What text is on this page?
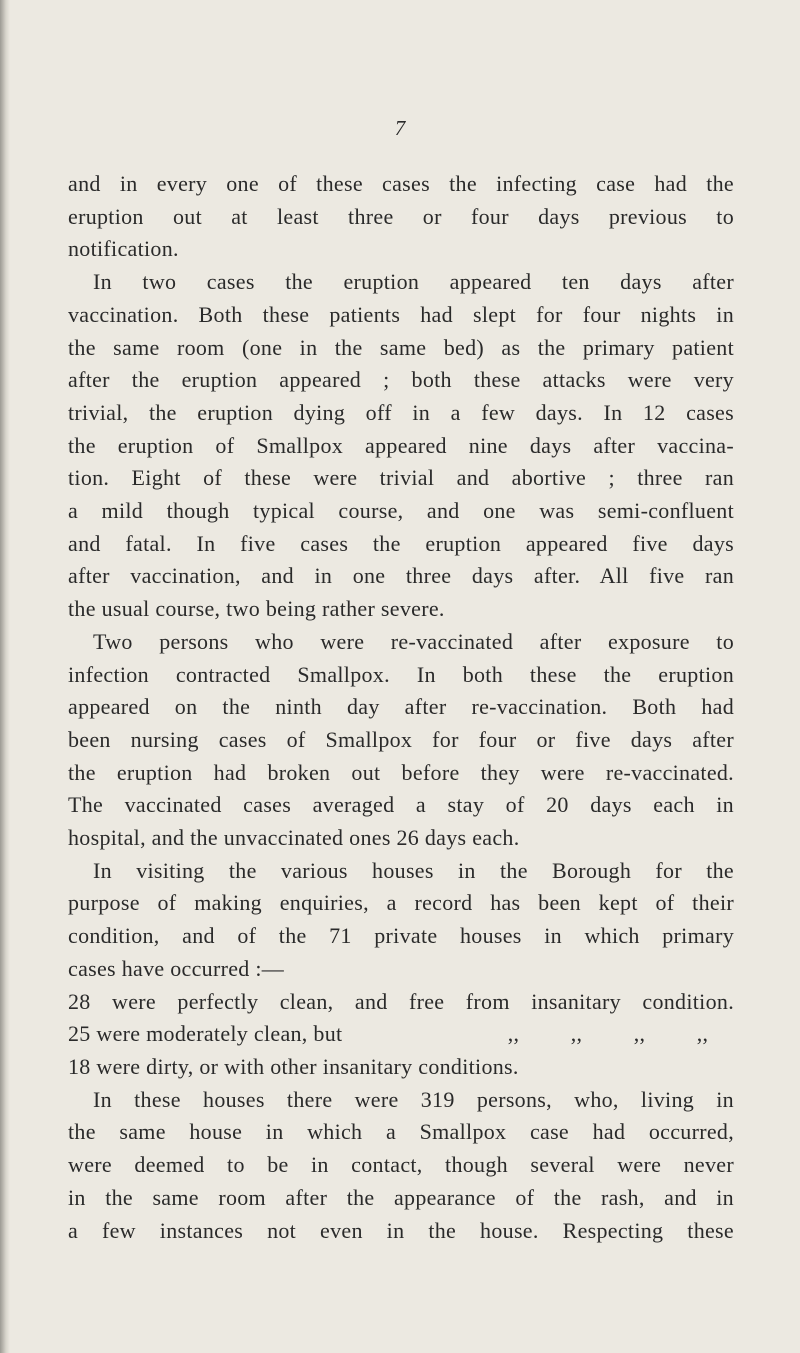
7
and in every one of these cases the infecting case had the
eruption out at least three or four days previous to
notification.
In two cases the eruption appeared ten days after
vaccination. Both these patients had slept for four nights in
the same room (one in the same bed) as the primary patient
after the eruption appeared ; both these attacks were very
trivial, the eruption dying off in a few days. In 12 cases
the eruption of Smallpox appeared nine days after vaccina-
tion. Eight of these were trivial and abortive ; three ran
a mild though typical course, and one was semi-confluent
and fatal. In five cases the eruption appeared five days
after vaccination, and in one three days after. All five ran
the usual course, two being rather severe.
Two persons who were re-vaccinated after exposure to
infection contracted Smallpox. In both these the eruption
appeared on the ninth day after re-vaccination. Both had
been nursing cases of Smallpox for four or five days after
the eruption had broken out before they were re-vaccinated.
The vaccinated cases averaged a stay of 20 days each in
hospital, and the unvaccinated ones 26 days each.
In visiting the various houses in the Borough for the
purpose of making enquiries, a record has been kept of their
condition, and of the 71 private houses in which primary
cases have occurred :—
28 were perfectly clean, and free from insanitary condition.
25 were moderately clean, but	,,	,,	,,	,,
18 were dirty, or with other insanitary conditions.
In these houses there were 319 persons, who, living in
the same house in which a Smallpox case had occurred,
were deemed to be in contact, though several were never
in the same room after the appearance of the rash, and in
a few instances not even in the house. Respecting these
